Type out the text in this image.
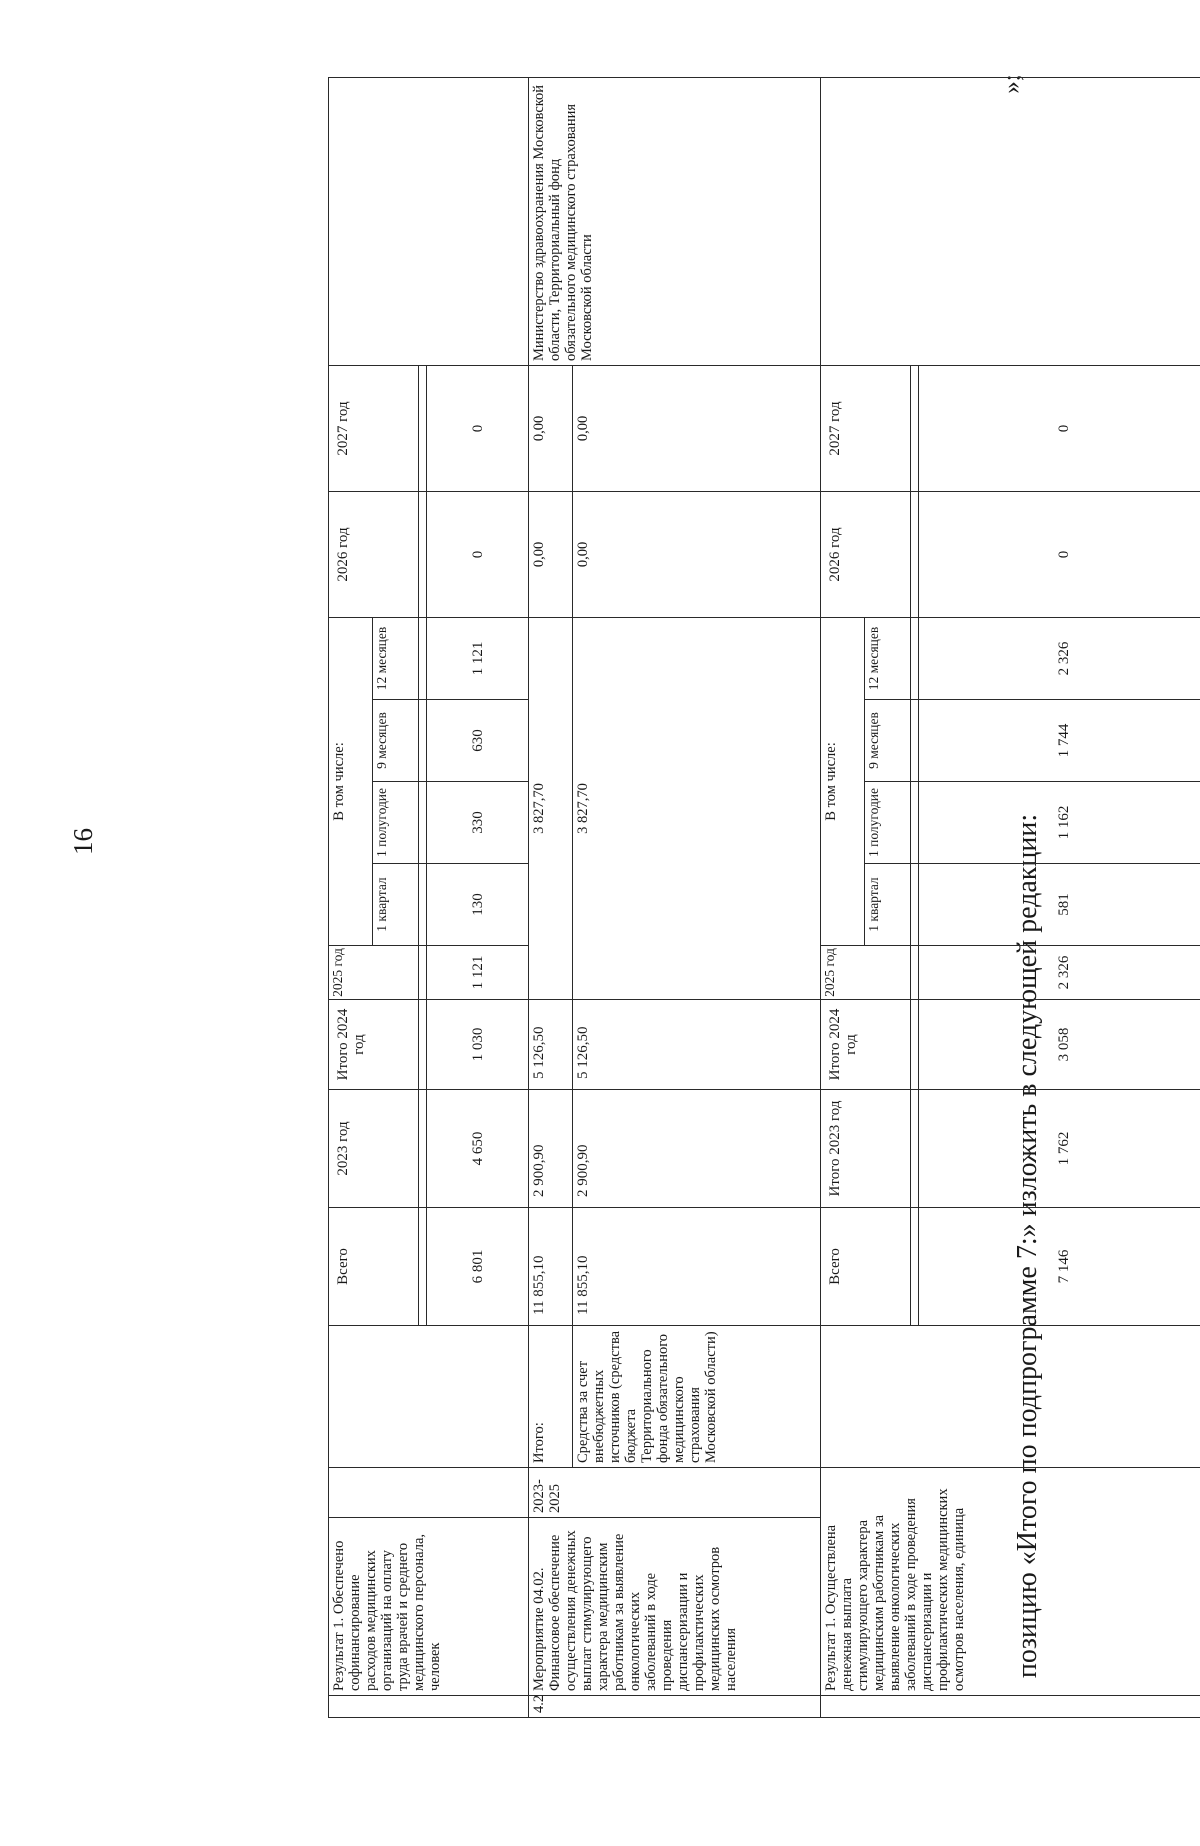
16
»;
позицию «Итого по подпрограмме 7:» изложить в следующей редакции:
	Результат 1. Обеспечено софинансирование расходов медицинских организаций на оплату труда врачей и среднего медицинского персонала, человек			Всего	2023 год	Итого 2024 год	2025 год	В том числе:				2026 год	2027 год	
								1 квартал	1 полугодие	9 месяцев	12 месяцев			

				6 801	4 650	1 030	1 121	130	330	630	1 121	0	0	
4.2	Мероприятие 04.02. Финансовое обеспечение осуществления денежных выплат стимулирующего характера медицинским работникам за выявление онкологических заболеваний в ходе проведения диспансеризации и профилактических медицинских осмотров населения	2023-2025	Итого:	11 855,10	2 900,90	5 126,50	3 827,70					0,00	0,00	Министерство здравоохранения Московской области, Территориальный фонд обязательного медицинского страхования Московской области
			Средства за счет внебюджетных источников (средства бюджета Территориального фонда обязательного медицинского страхования Московской области)	11 855,10	2 900,90	5 126,50	3 827,70					0,00	0,00	
	Результат 1. Осуществлена денежная выплата стимулирующего характера медицинским работникам за выявление онкологических заболеваний в ходе проведения диспансеризации и профилактических медицинских осмотров населения, единица			Всего	Итого 2023 год	Итого 2024 год	2025 год	В том числе:				2026 год	2027 год	
								1 квартал	1 полугодие	9 месяцев	12 месяцев			

				7 146	1 762	3 058	2 326	581	1 162	1 744	2 326	0	0	
